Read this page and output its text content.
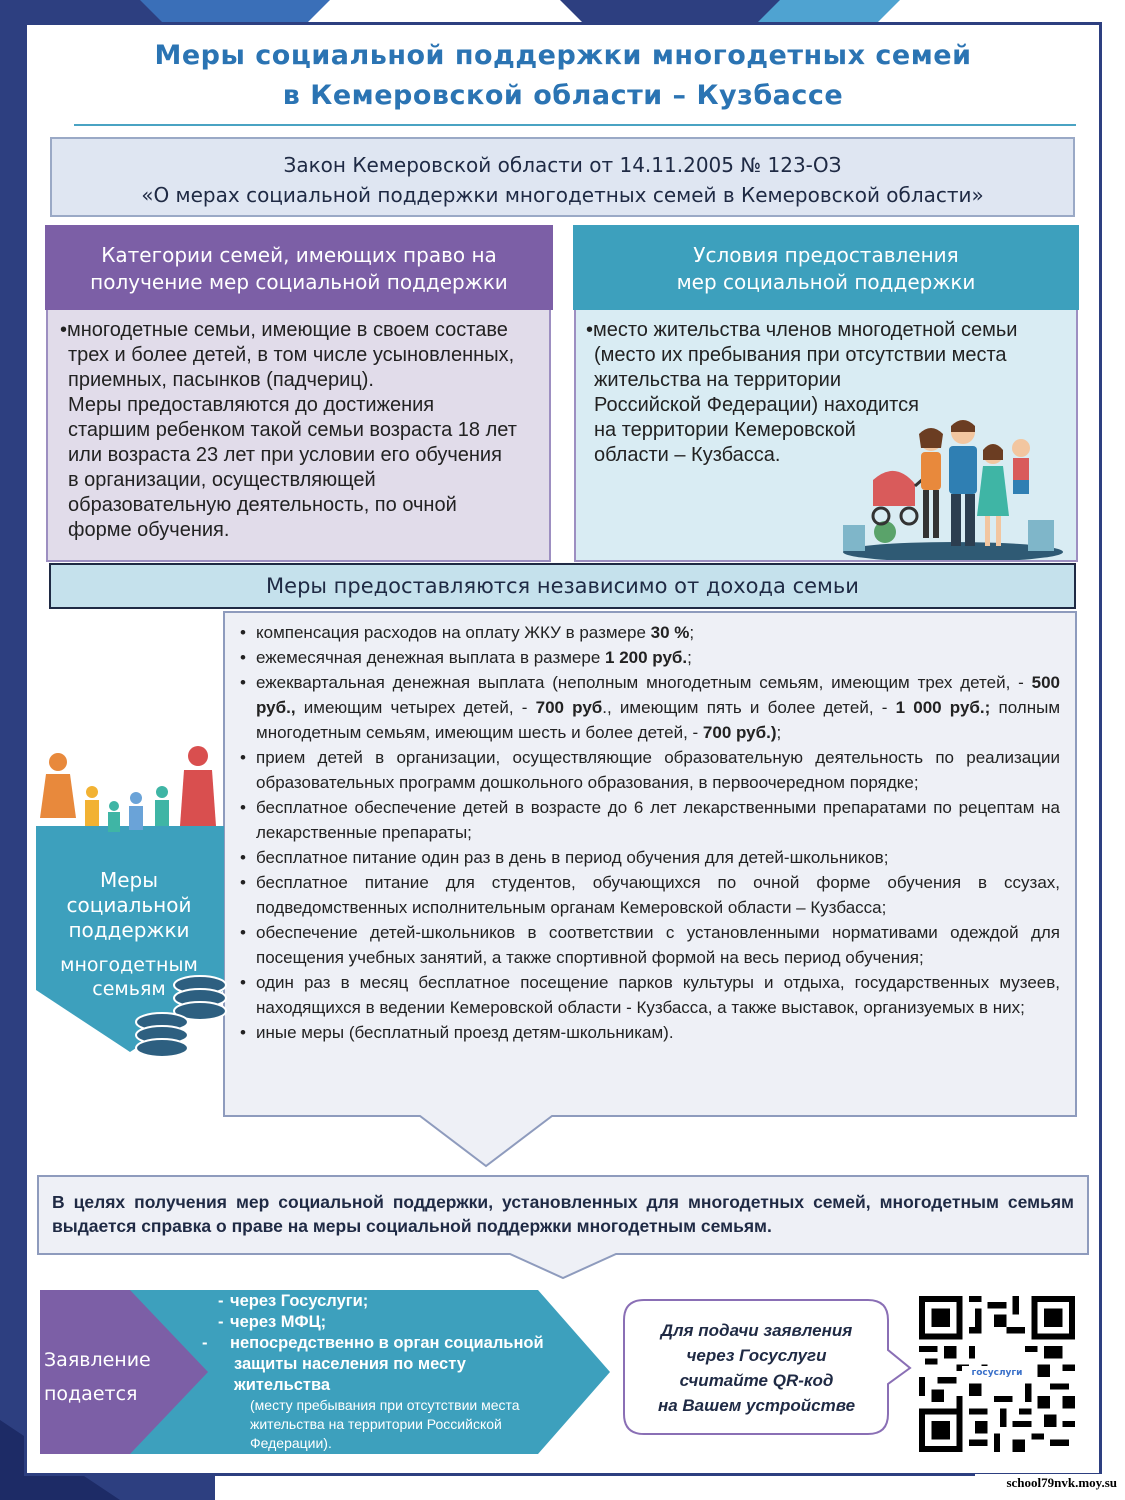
Меры социальной поддержки многодетных семей
в Кемеровской области – Кузбассе
Закон Кемеровской области от 14.11.2005 № 123-ОЗ
«О мерах социальной поддержки многодетных семей в Кемеровской области»
Категории семей, имеющих право на
получение мер социальной поддержки
Условия предоставления
мер социальной поддержки
•многодетные семьи, имеющие в своем составе
трех и более детей, в том числе усыновленных,
приемных, пасынков (падчериц).
Меры предоставляются до достижения
старшим ребенком такой семьи возраста 18 лет
или возраста 23 лет при условии его обучения
в организации, осуществляющей
образовательную деятельность, по очной
форме обучения.
•место жительства членов многодетной семьи
(место их пребывания при отсутствии места
жительства на территории
Российской Федерации) находится
на территории Кемеровской
области – Кузбасса.
Меры предоставляются независимо от дохода семьи
• компенсация расходов на оплату ЖКУ в размере 30 %;
• ежемесячная денежная выплата в размере 1 200 руб.;
• ежеквартальная денежная выплата (неполным многодетным семьям, имеющим трех детей, - 500 руб., имеющим четырех детей, - 700 руб., имеющим пять и более детей, - 1 000 руб.; полным многодетным семьям, имеющим шесть и более детей, - 700 руб.);
• прием детей в организации, осуществляющие образовательную деятельность по реализации образовательных программ дошкольного образования, в первоочередном порядке;
• бесплатное обеспечение детей в возрасте до 6 лет лекарственными препаратами по рецептам на лекарственные препараты;
• бесплатное питание один раз в день в период обучения для детей-школьников;
• бесплатное питание для студентов, обучающихся по очной форме обучения в ссузах, подведомственных исполнительным органам Кемеровской области – Кузбасса;
• обеспечение детей-школьников в соответствии с установленными нормативами одеждой для посещения учебных занятий, а также спортивной формой на весь период обучения;
• один раз в месяц бесплатное посещение парков культуры и отдыха, государственных музеев, находящихся в ведении Кемеровской области - Кузбасса, а также выставок, организуемых в них;
• иные меры (бесплатный проезд детям-школьникам).
Меры
социальной
поддержки
многодетным
семьям
В целях получения мер социальной поддержки, установленных для многодетных семей, многодетным семьям выдается справка о праве на меры социальной поддержки многодетным семьям.
Заявление
подается
- через Госуслуги;
- через МФЦ;
- непосредственно в орган социальной защиты населения по месту жительства
(месту пребывания при отсутствии места жительства на территории Российской Федерации).
Для подачи заявления
через Госуслуги
считайте QR-код
на Вашем устройстве
госуслуги
school79nvk.moy.su
